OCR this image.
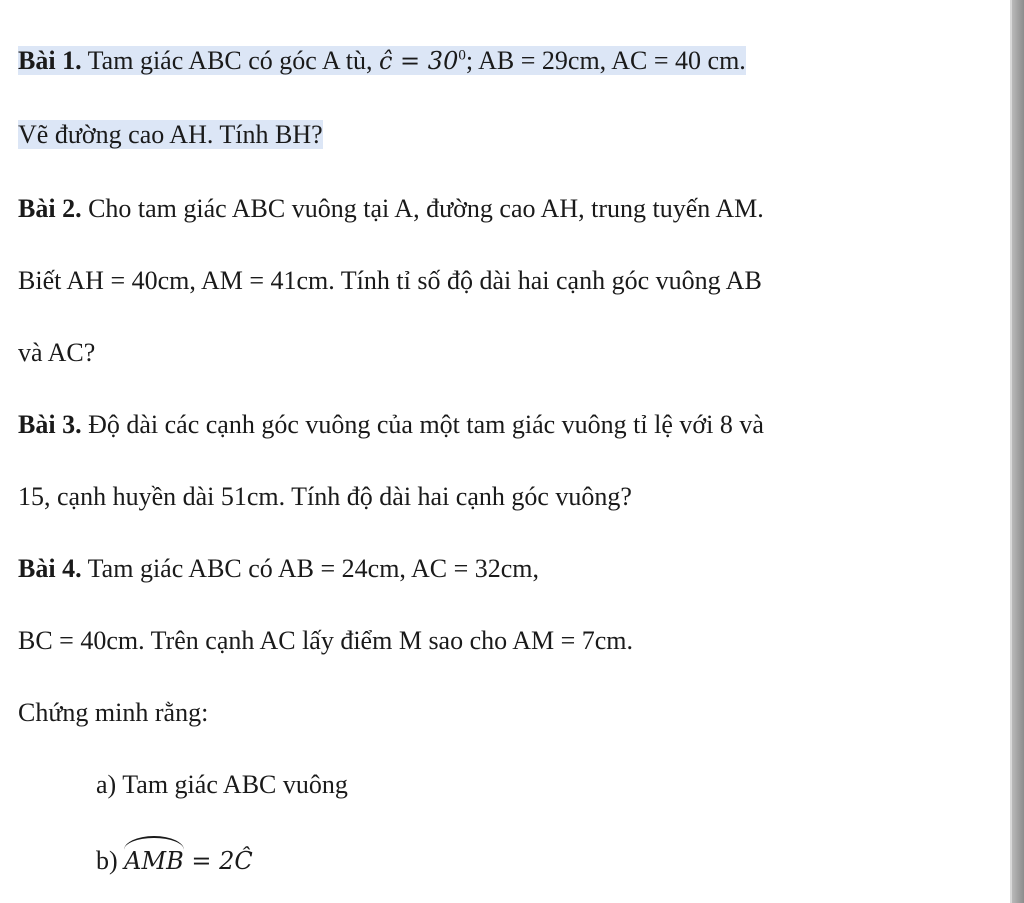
Bài 1. Tam giác ABC có góc A tù, ĉ = $30^0$; AB = 29cm, AC = 40 cm.
Vẽ đường cao AH. Tính BH?
Bài 2. Cho tam giác ABC vuông tại A, đường cao AH, trung tuyến AM.
Biết AH = 40cm, AM = 41cm. Tính tỉ số độ dài hai cạnh góc vuông AB
và AC?
Bài 3. Độ dài các cạnh góc vuông của một tam giác vuông tỉ lệ với 8 và
15, cạnh huyền dài 51cm. Tính độ dài hai cạnh góc vuông?
Bài 4. Tam giác ABC có AB = 24cm, AC = 32cm,
BC = 40cm. Trên cạnh AC lấy điểm M sao cho AM = 7cm.
Chứng minh rằng:
a) Tam giác ABC vuông
b) AMB = 2Ĉ
